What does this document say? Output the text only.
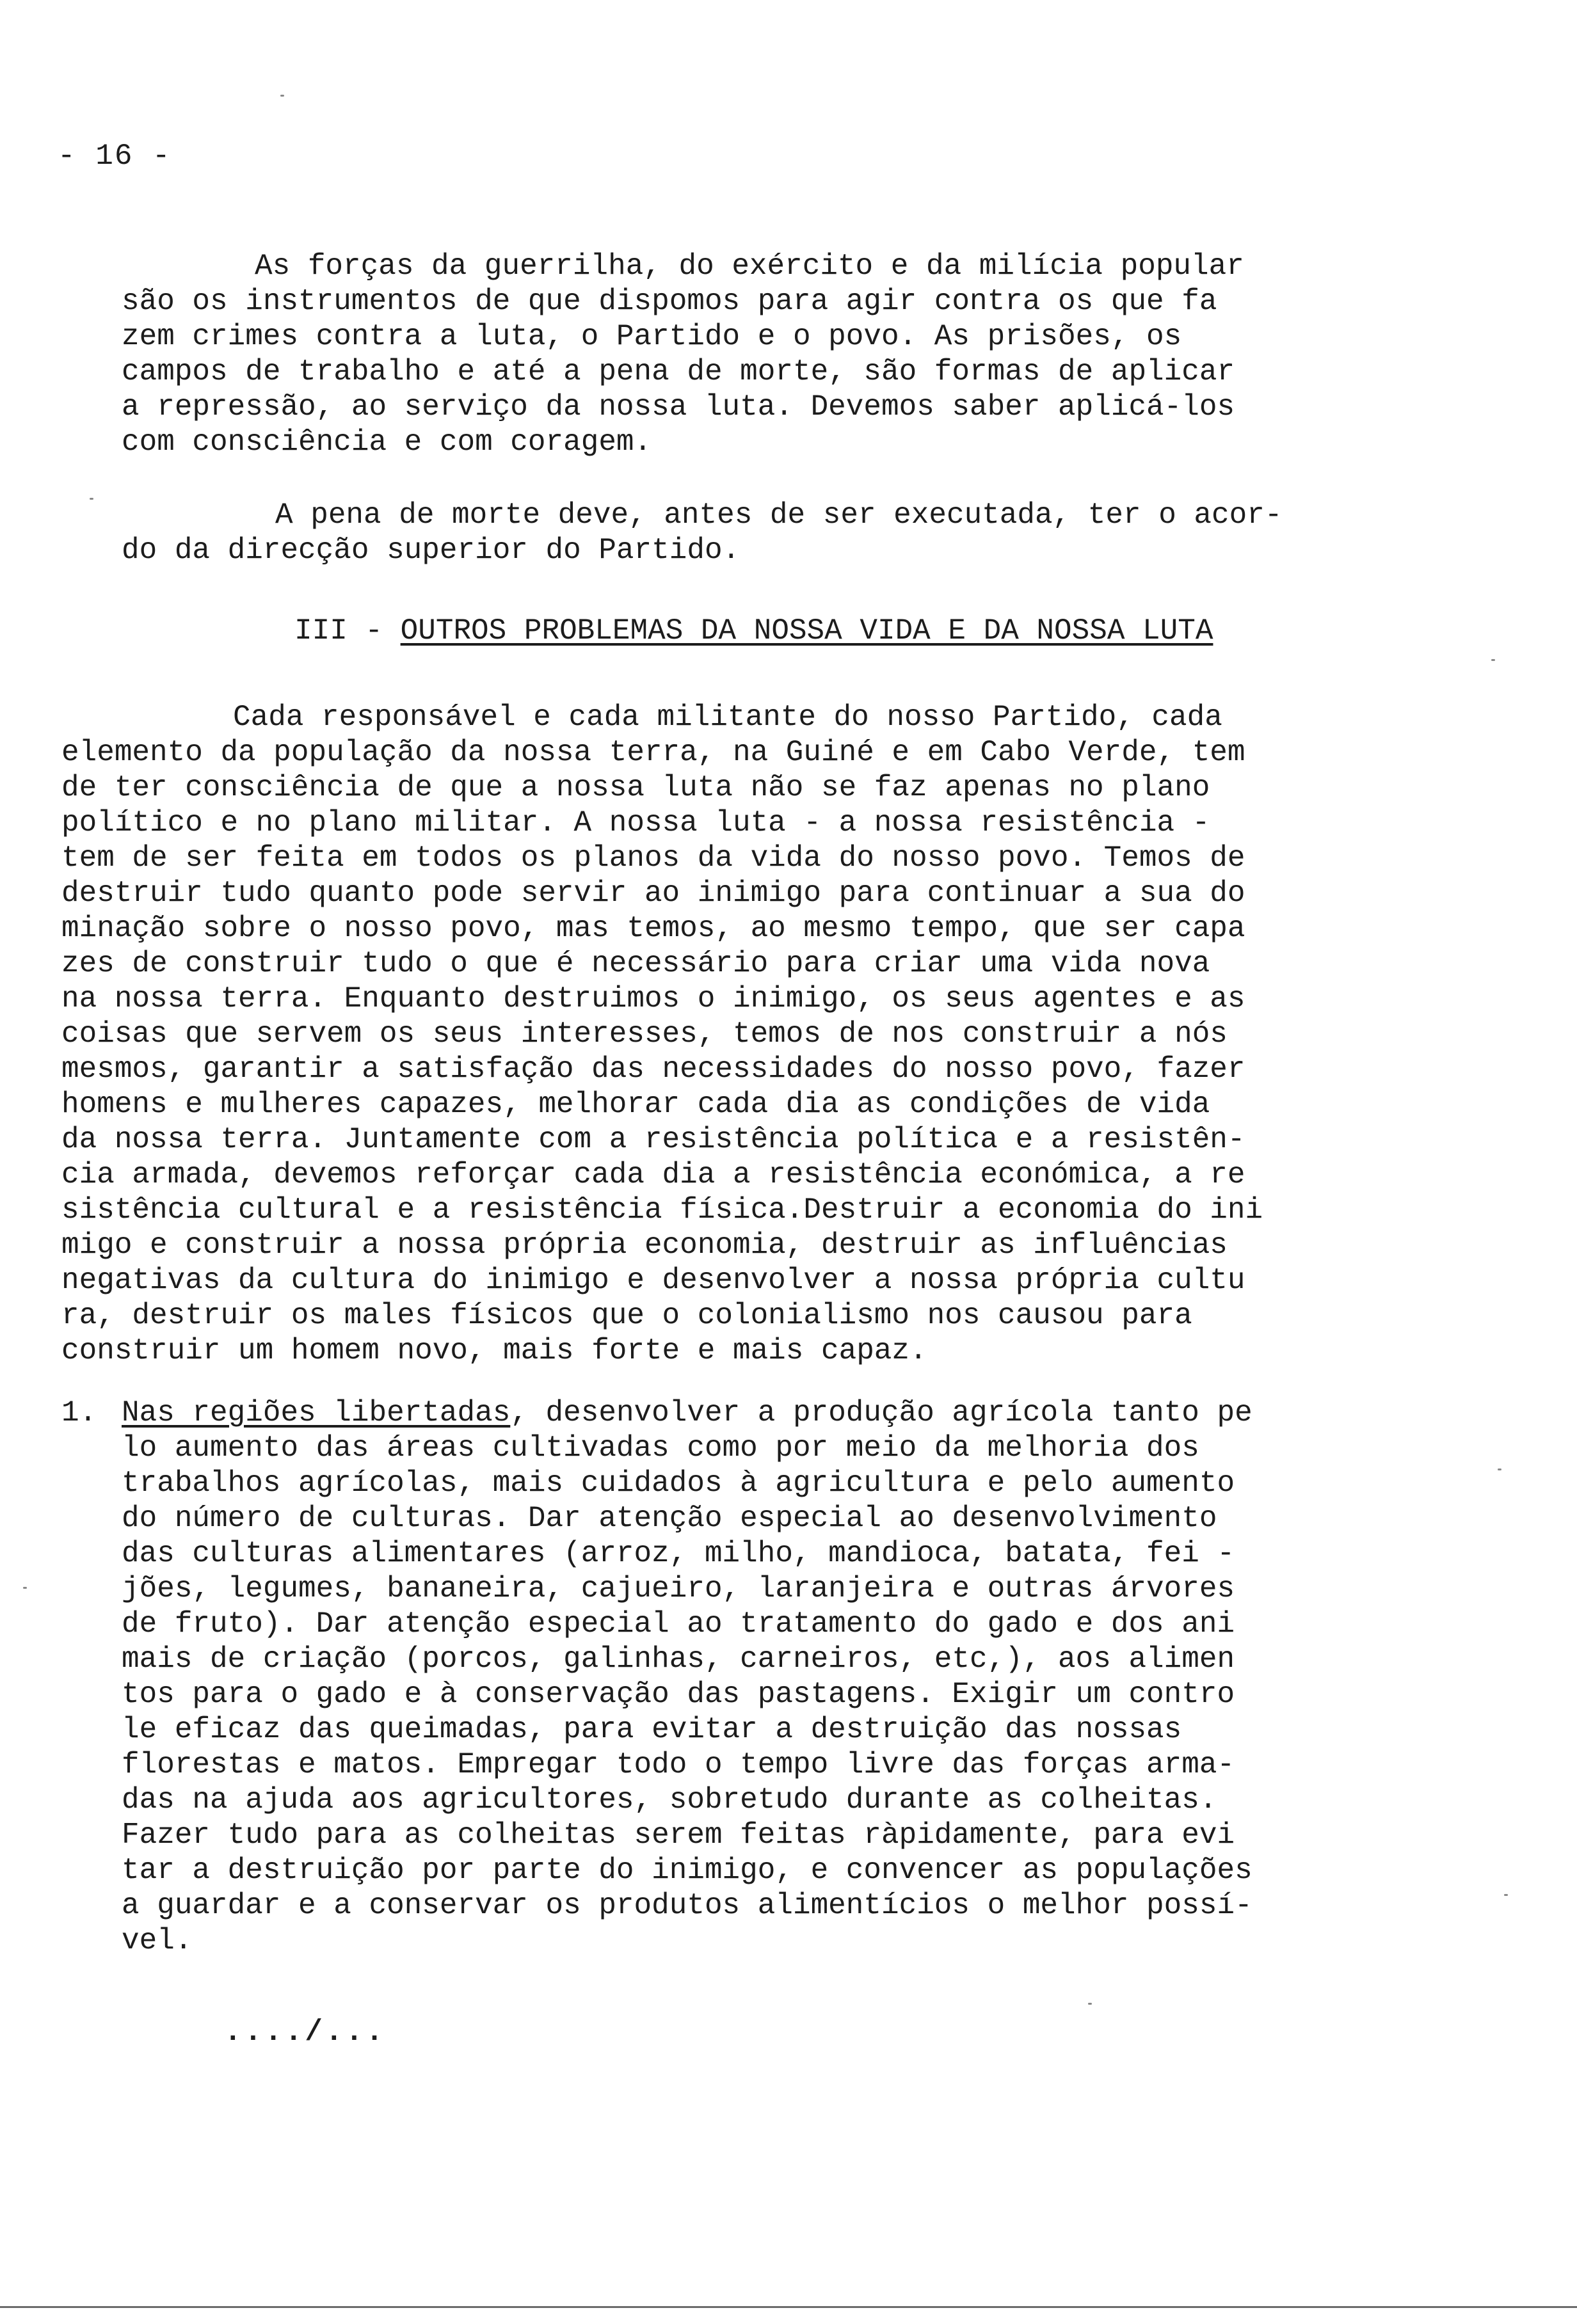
- 16 -
As forças da guerrilha, do exército e da milícia popular
são os instrumentos de que dispomos para agir contra os que fa
zem crimes contra a luta, o Partido e o povo. As prisões, os
campos de trabalho e até a pena de morte, são formas de aplicar
a repressão, ao serviço da nossa luta. Devemos saber aplicá-los
com consciência e com coragem.
A pena de morte deve, antes de ser executada, ter o acor-
do da direcção superior do Partido.
III - OUTROS PROBLEMAS DA NOSSA VIDA E DA NOSSA LUTA
Cada responsável e cada militante do nosso Partido, cada
elemento da população da nossa terra, na Guiné e em Cabo Verde, tem
de ter consciência de que a nossa luta não se faz apenas no plano
político e no plano militar. A nossa luta - a nossa resistência -
tem de ser feita em todos os planos da vida do nosso povo. Temos de
destruir tudo quanto pode servir ao inimigo para continuar a sua do
minação sobre o nosso povo, mas temos, ao mesmo tempo, que ser capa
zes de construir tudo o que é necessário para criar uma vida nova
na nossa terra. Enquanto destruimos o inimigo, os seus agentes e as
coisas que servem os seus interesses, temos de nos construir a nós
mesmos, garantir a satisfação das necessidades do nosso povo, fazer
homens e mulheres capazes, melhorar cada dia as condições de vida
da nossa terra. Juntamente com a resistência política e a resistên-
cia armada, devemos reforçar cada dia a resistência económica, a re
sistência cultural e a resistência física.Destruir a economia do ini
migo e construir a nossa própria economia, destruir as influências
negativas da cultura do inimigo e desenvolver a nossa própria cultu
ra, destruir os males físicos que o colonialismo nos causou para
construir um homem novo, mais forte e mais capaz.
1. Nas regiões libertadas, desenvolver a produção agrícola tanto pe
lo aumento das áreas cultivadas como por meio da melhoria dos
trabalhos agrícolas, mais cuidados à agricultura e pelo aumento
do número de culturas. Dar atenção especial ao desenvolvimento
das culturas alimentares (arroz, milho, mandioca, batata, fei -
jões, legumes, bananeira, cajueiro, laranjeira e outras árvores
de fruto). Dar atenção especial ao tratamento do gado e dos ani
mais de criação (porcos, galinhas, carneiros, etc,), aos alimen
tos para o gado e à conservação das pastagens. Exigir um contro
le eficaz das queimadas, para evitar a destruição das nossas
florestas e matos. Empregar todo o tempo livre das forças arma-
das na ajuda aos agricultores, sobretudo durante as colheitas.
Fazer tudo para as colheitas serem feitas ràpidamente, para evi
tar a destruição por parte do inimigo, e convencer as populações
a guardar e a conservar os produtos alimentícios o melhor possí-
vel.
..../...
